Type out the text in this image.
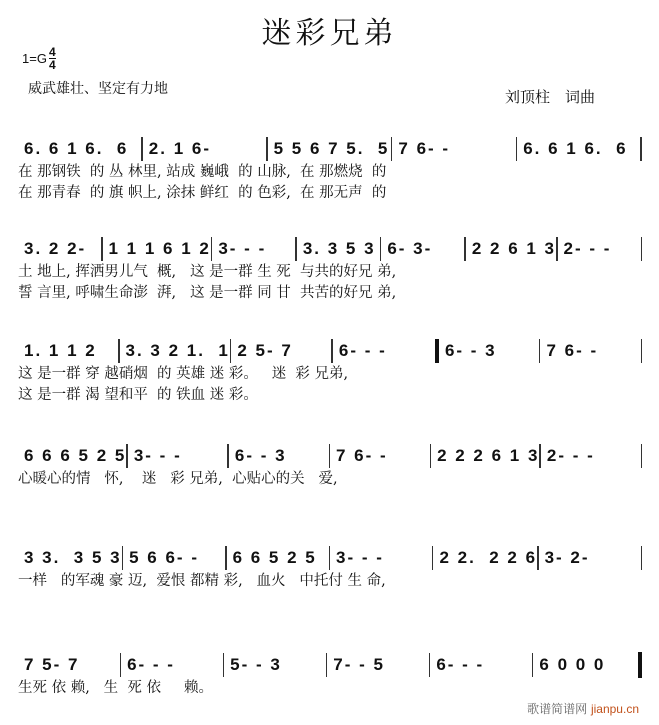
迷彩兄弟
$1=G \frac{4}{4}$
威武雄壮、坚定有力地	刘顶柱　词曲
6. 6 1 6.  6	2. 1 6-	5 5 6 7 5.  5 7 6- -	6. 6 1 6.  6
在 那钢铁  的 丛 林里, 站成 巍峨  的 山脉,  在 那燃烧  的
在 那青春  的 旗 帜上, 涂抹 鲜红  的 色彩,  在 那无声  的
3. 2 2-	1 1 1 6 1 2 3- - -	3. 3 5 3 6- 3-	2 2 6 1 3 2- - -
土 地上, 挥洒男儿气  概,   这 是一群 生 死  与共的好兄 弟,
誓 言里, 呼啸生命澎  湃,   这 是一群 同 甘  共苦的好兄 弟,
1. 1 1 2	3. 3 2 1.  1 2 5- 7	6- - -	6- - 3	7 6- -
这 是一群 穿 越硝烟  的 英雄 迷 彩。   迷  彩 兄弟,
这 是一群 渴 望和平  的 铁血 迷 彩。
6 6 6 5 2 5 3- - -	6- - 3	7 6- -	2 2 2 6 1 3 2- - -
心暖心的情   怀,    迷   彩 兄弟,  心贴心的关   爱,
3 3.  3 5 3 5 6 6- -	6 6 5 2 5	3- - -	2 2.  2 2 6 3- 2-
一样   的军魂 豪 迈,  爱恨 都精 彩,   血火   中托付 生 命,
7 5- 7	6- - -	5- - 3	7- - 5	6- - -	6 0 0 0
生死 依 赖,   生  死 依     赖。
歌谱简谱网 jianpu.cn
